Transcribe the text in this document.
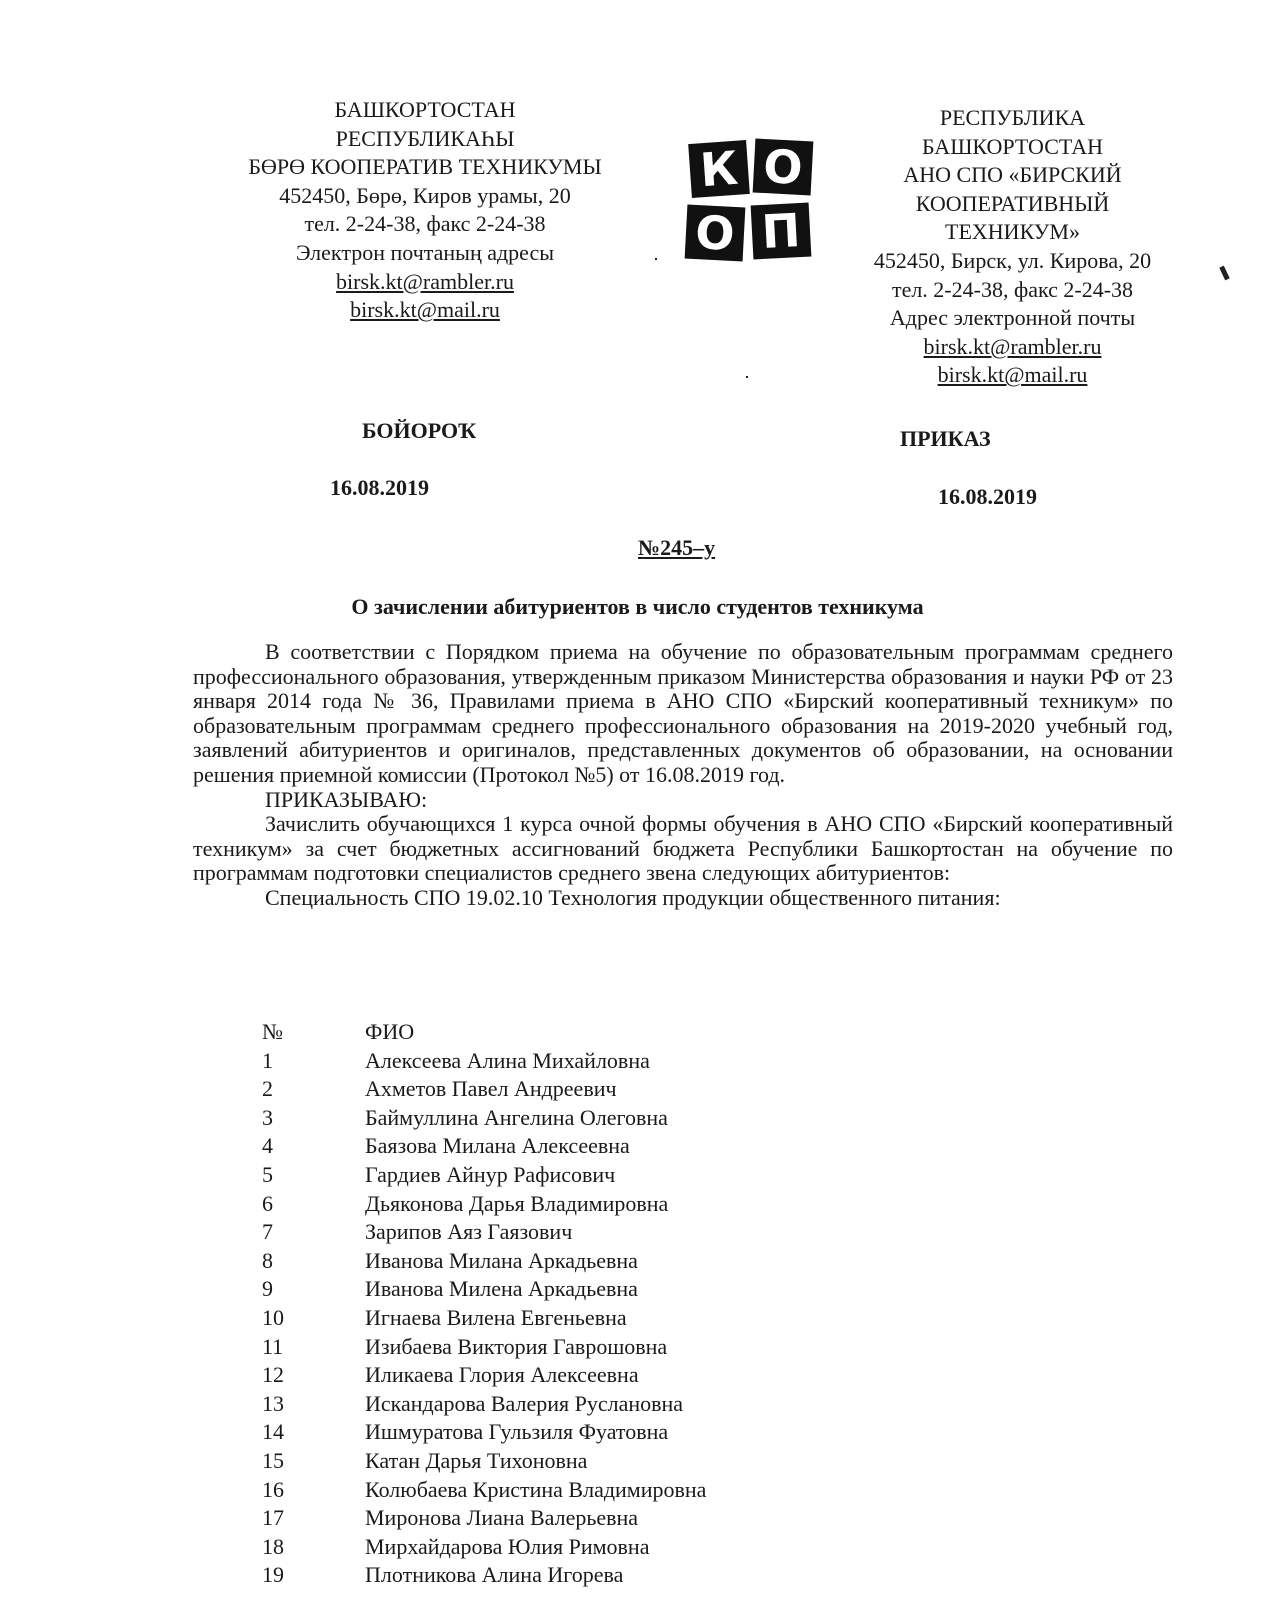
БАШКОРТОСТАН
РЕСПУБЛИКАҺЫ
БӨРӨ КООПЕРАТИВ ТЕХНИКУМЫ
452450, Бөрө, Киров урамы, 20
тел. 2-24-38, факс 2-24-38
Электрон почтаның адресы
birsk.kt@rambler.ru
birsk.kt@mail.ru
К О
О П
РЕСПУБЛИКА
БАШКОРТОСТАН
АНО СПО «БИРСКИЙ
КООПЕРАТИВНЫЙ
ТЕХНИКУМ»
452450, Бирск, ул. Кирова, 20
тел. 2-24-38, факс 2-24-38
Адрес электронной почты
birsk.kt@rambler.ru
birsk.kt@mail.ru
БОЙОРОҠ
16.08.2019
ПРИКАЗ
16.08.2019
№245–у
О зачислении абитуриентов в число студентов техникума

В соответствии с Порядком приема на обучение по образовательным программам среднего профессионального образования, утвержденным приказом Министерства образования и науки РФ от 23 января 2014 года № 36, Правилами приема в АНО СПО «Бирский кооперативный техникум» по образовательным программам среднего профессионального образования на 2019-2020 учебный год, заявлений абитуриентов и оригиналов, представленных документов об образовании, на основании решения приемной комиссии (Протокол №5) от 16.08.2019 год.

ПРИКАЗЫВАЮ:

Зачислить обучающихся 1 курса очной формы обучения в АНО СПО «Бирский кооперативный техникум» за счет бюджетных ассигнований бюджета Республики Башкортостан на обучение по программам подготовки специалистов среднего звена следующих абитуриентов:

Специальность СПО 19.02.10 Технология продукции общественного питания:

№	ФИО
1	Алексеева Алина Михайловна
2	Ахметов Павел Андреевич
3	Баймуллина Ангелина Олеговна
4	Баязова Милана Алексеевна
5	Гардиев Айнур Рафисович
6	Дьяконова Дарья Владимировна
7	Зарипов Аяз Гаязович
8	Иванова Милана Аркадьевна
9	Иванова Милена Аркадьевна
10	Игнаева Вилена Евгеньевна
11	Изибаева Виктория Гаврошовна
12	Иликаева Глория Алексеевна
13	Искандарова Валерия Руслановна
14	Ишмуратова Гульзиля Фуатовна
15	Катан Дарья Тихоновна
16	Колюбаева Кристина Владимировна
17	Миронова Лиана Валерьевна
18	Мирхайдарова Юлия Римовна
19	Плотникова Алина Игорева
